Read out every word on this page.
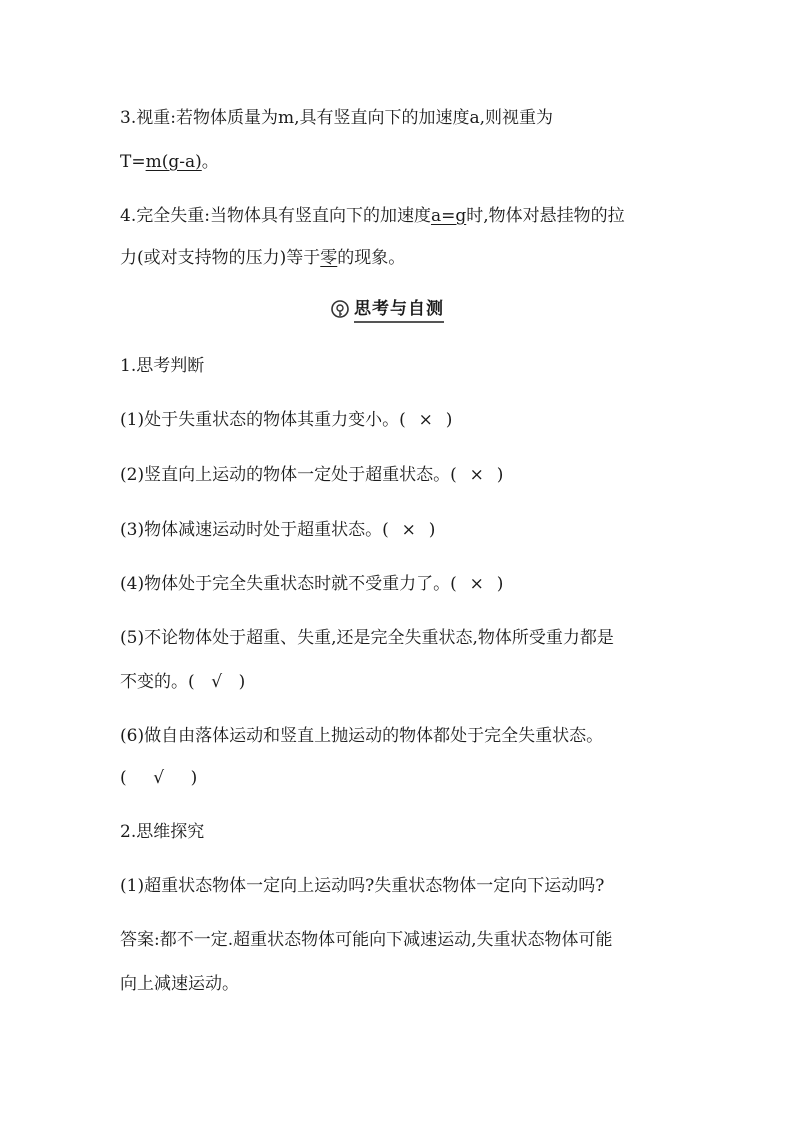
3.视重:若物体质量为m,具有竖直向下的加速度a,则视重为
T=m(g-a)。
4.完全失重:当物体具有竖直向下的加速度a=g时,物体对悬挂物的拉
力(或对支持物的压力)等于零的现象。
思考与自测
1.思考判断
(1)处于失重状态的物体其重力变小。( × )
(2)竖直向上运动的物体一定处于超重状态。( × )
(3)物体减速运动时处于超重状态。( × )
(4)物体处于完全失重状态时就不受重力了。( × )
(5)不论物体处于超重、失重,还是完全失重状态,物体所受重力都是
不变的。( √ )
(6)做自由落体运动和竖直上抛运动的物体都处于完全失重状态。
( √ )
2.思维探究
(1)超重状态物体一定向上运动吗?失重状态物体一定向下运动吗?
答案:都不一定.超重状态物体可能向下减速运动,失重状态物体可能
向上减速运动。
